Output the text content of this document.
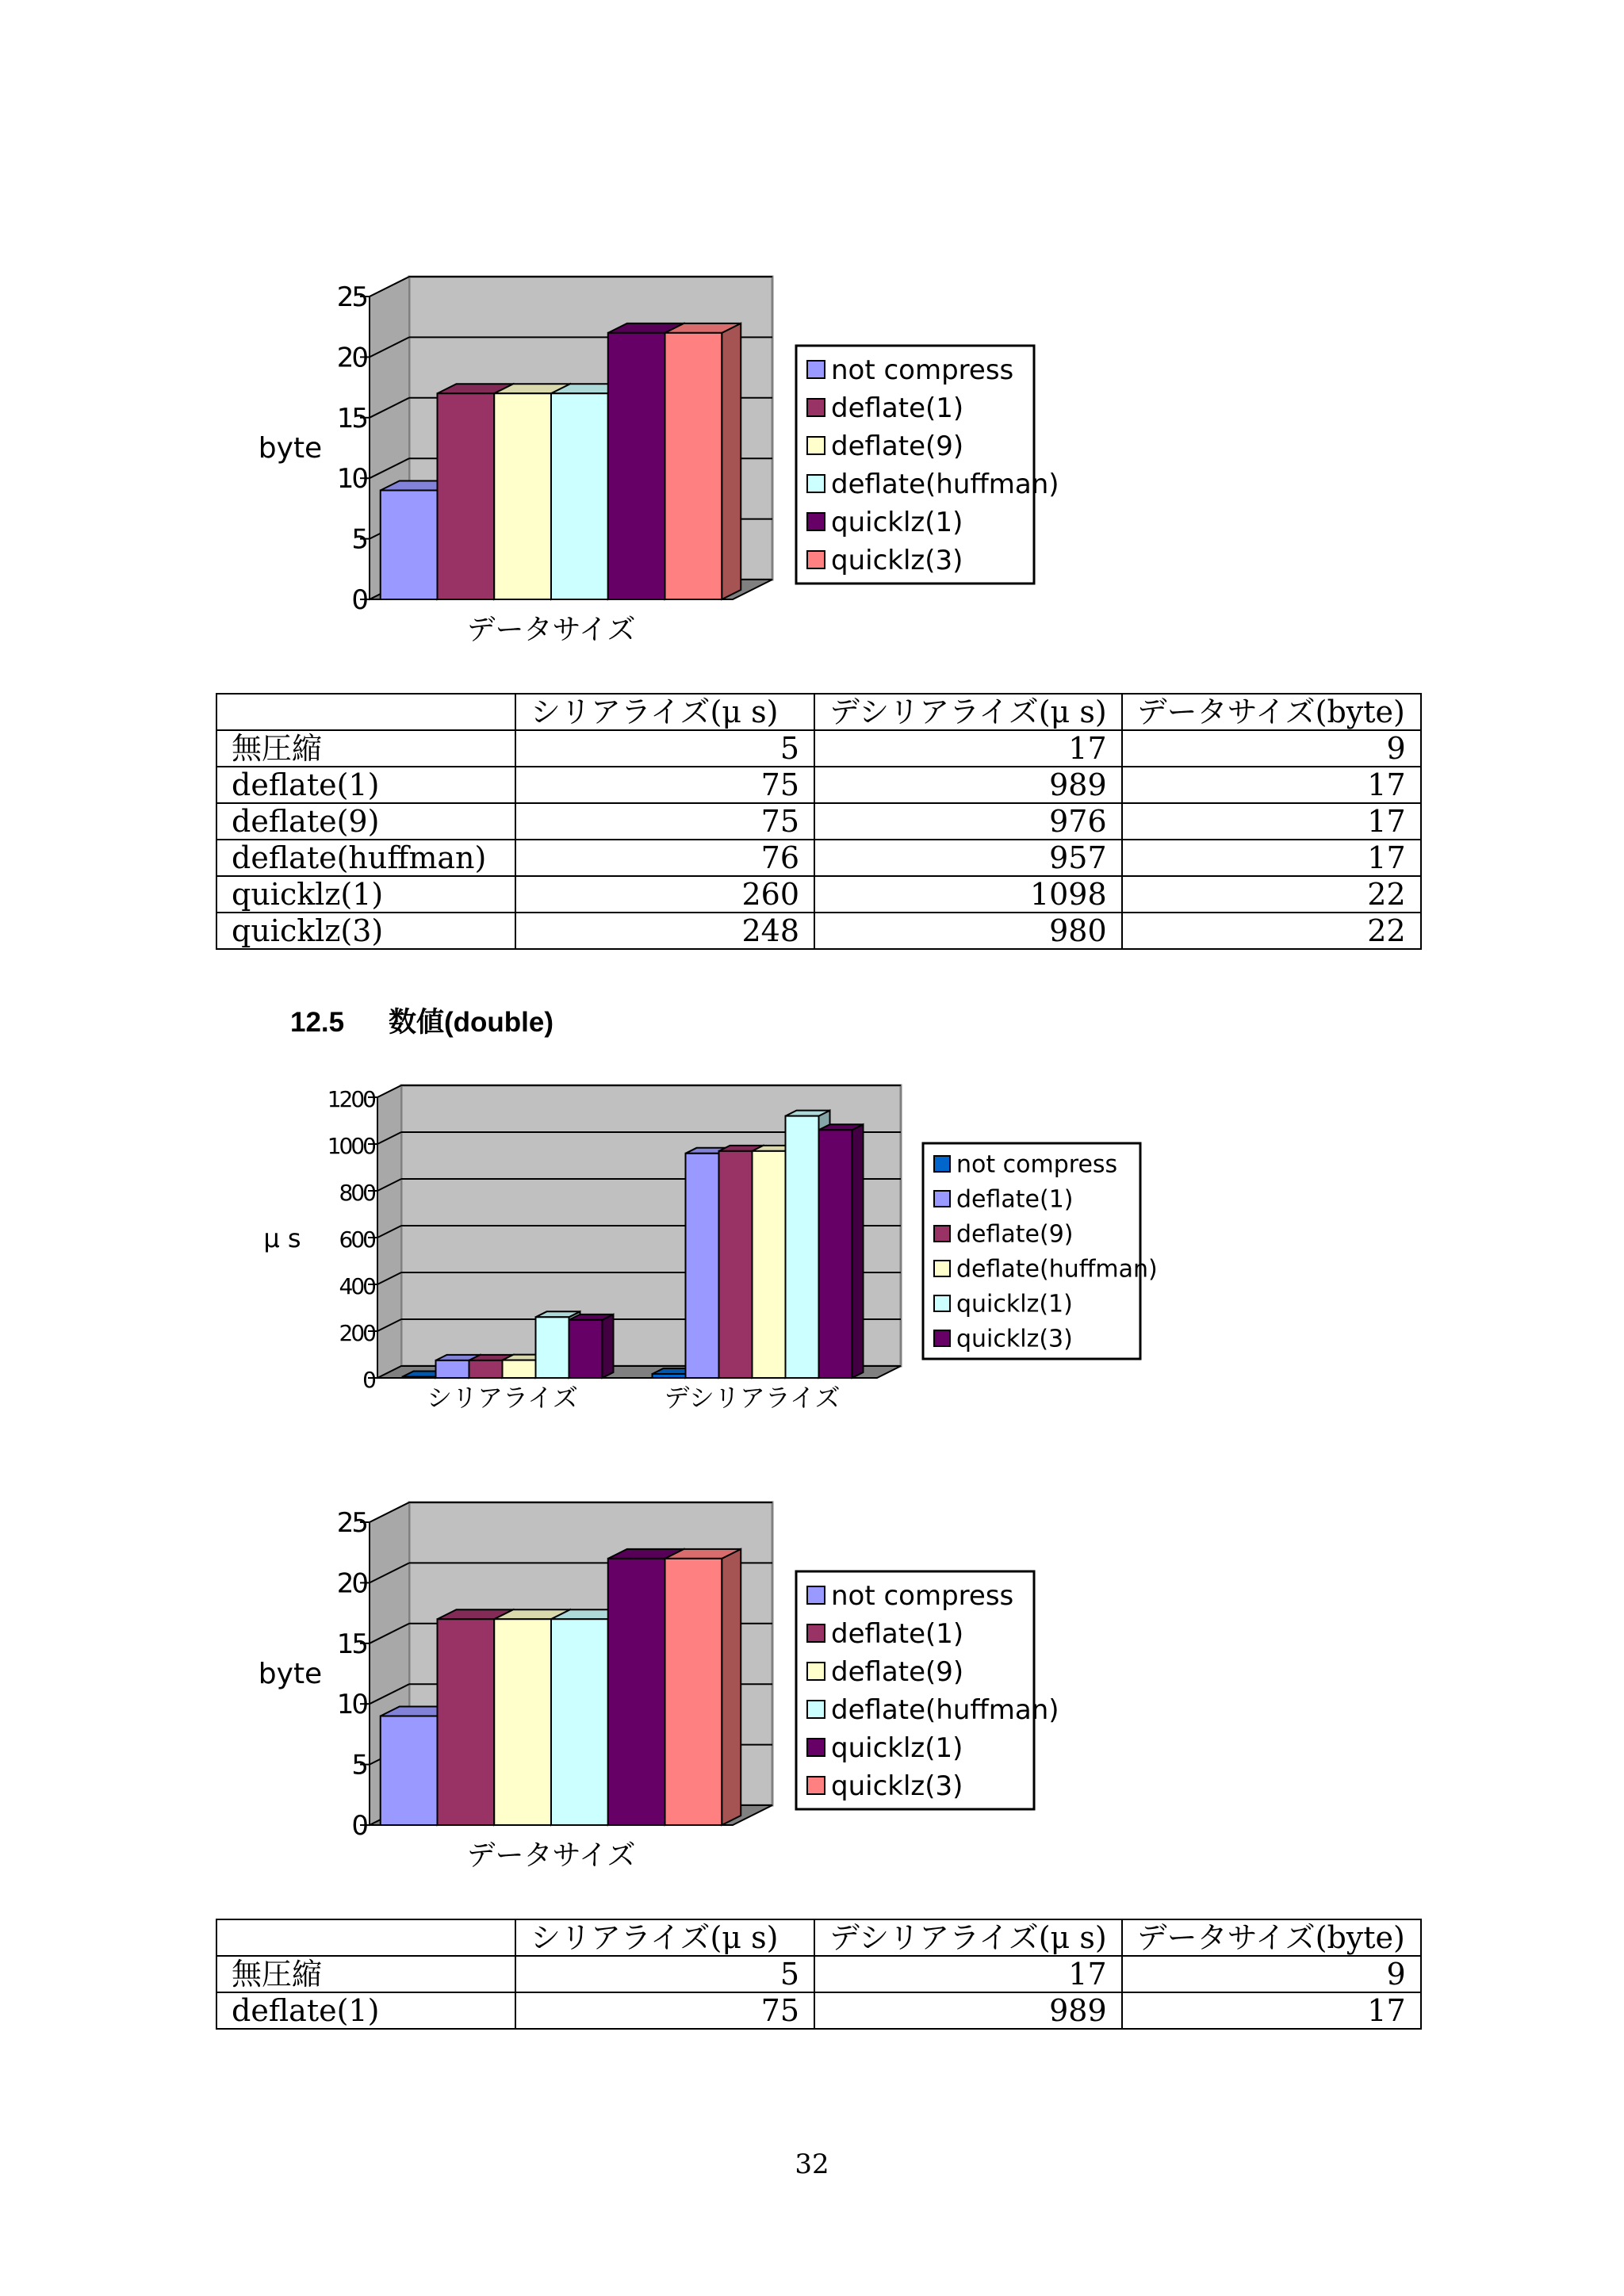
0
5
10
15
20
25
byte
データサイズ
not compress
deflate(1)
deflate(9)
deflate(huffman)
quicklz(1)
quicklz(3)
	シリアライズ(μ s)	デシリアライズ(μ s)	データサイズ(byte)
無圧縮	5	17	9
deflate(1)	75	989	17
deflate(9)	75	976	17
deflate(huffman)	76	957	17
quicklz(1)	260	1098	22
quicklz(3)	248	980	22
12.5 数値(double)
0
200
400
600
800
1000
1200
μ s
シリアライズ	デシリアライズ
not compress
deflate(1)
deflate(9)
deflate(huffman)
quicklz(1)
quicklz(3)
0
5
10
15
20
25
byte
データサイズ
not compress
deflate(1)
deflate(9)
deflate(huffman)
quicklz(1)
quicklz(3)
	シリアライズ(μ s)	デシリアライズ(μ s)	データサイズ(byte)
無圧縮	5	17	9
deflate(1)	75	989	17
32
